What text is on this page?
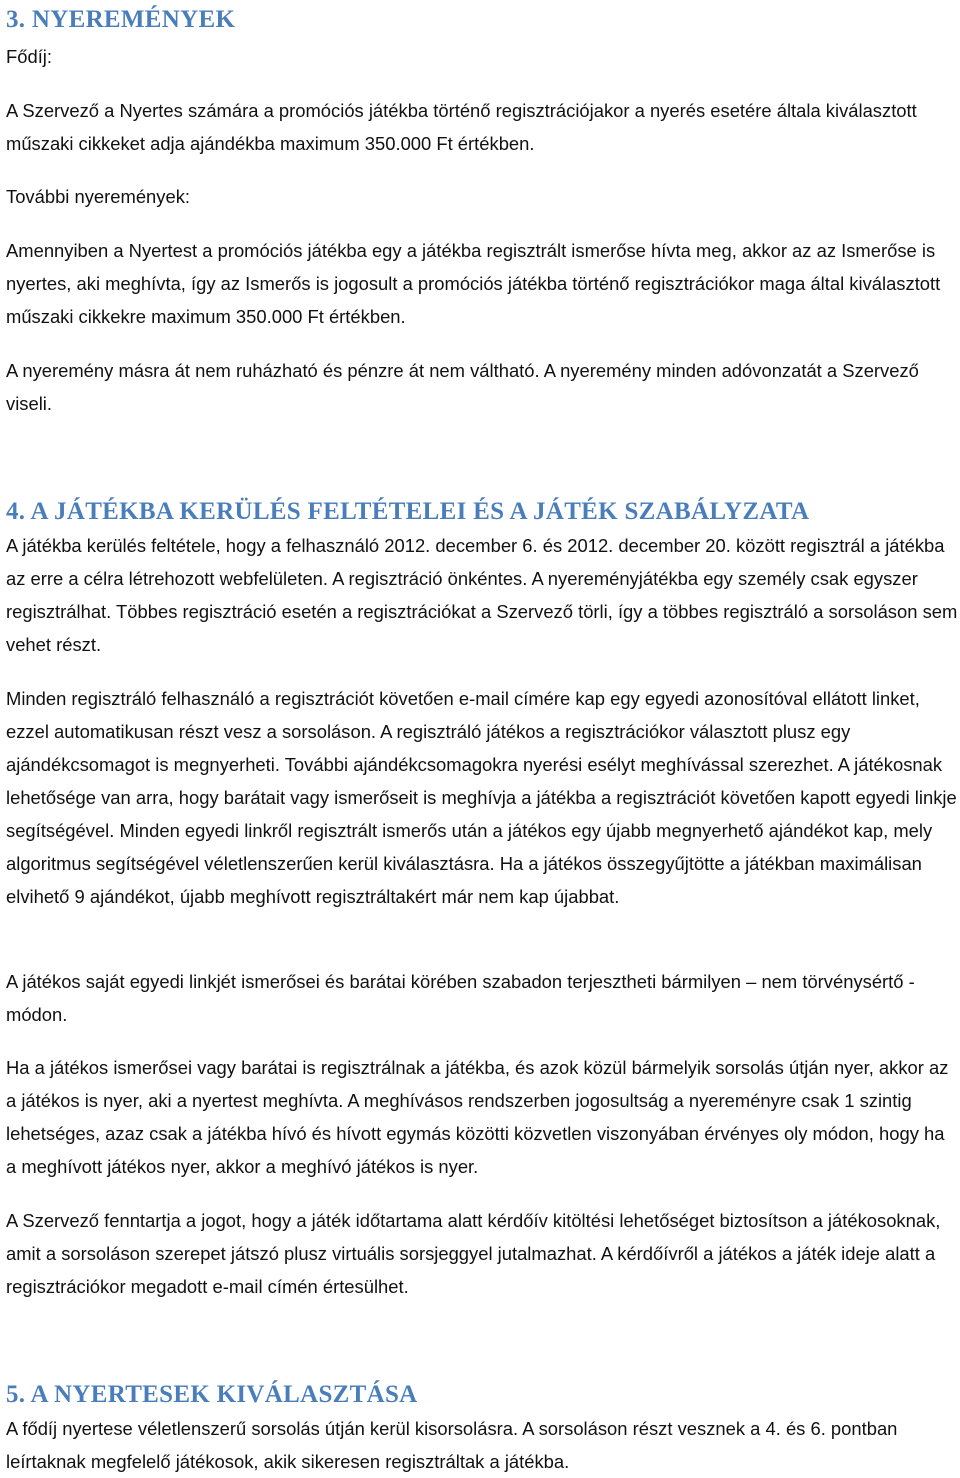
3. NYEREMÉNYEK

Fődíj:

A Szervező a Nyertes számára a promóciós játékba történő regisztrációjakor a nyerés esetére általa kiválasztott műszaki cikkeket adja ajándékba maximum 350.000 Ft értékben.

További nyeremények:

Amennyiben a Nyertest a promóciós játékba egy a játékba regisztrált ismerőse hívta meg, akkor az az Ismerőse is nyertes, aki meghívta, így az Ismerős is jogosult a promóciós játékba történő regisztrációkor maga által kiválasztott műszaki cikkekre maximum 350.000 Ft értékben.

A nyeremény másra át nem ruházható és pénzre át nem váltható. A nyeremény minden adóvonzatát a Szervező viseli.

4. A JÁTÉKBA KERÜLÉS FELTÉTELEI ÉS A JÁTÉK SZABÁLYZATA

A játékba kerülés feltétele, hogy a felhasználó 2012. december 6. és 2012. december 20. között regisztrál a játékba az erre a célra létrehozott webfelületen. A regisztráció önkéntes. A nyereményjátékba egy személy csak egyszer regisztrálhat. Többes regisztráció esetén a regisztrációkat a Szervező törli, így a többes regisztráló a sorsoláson sem vehet részt.

Minden regisztráló felhasználó a regisztrációt követően e-mail címére kap egy egyedi azonosítóval ellátott linket, ezzel automatikusan részt vesz a sorsoláson. A regisztráló játékos a regisztrációkor választott plusz egy ajándékcsomagot is megnyerheti. További ajándékcsomagokra nyerési esélyt meghívással szerezhet. A játékosnak lehetősége van arra, hogy barátait vagy ismerőseit is meghívja a játékba a regisztrációt követően kapott egyedi linkje segítségével. Minden egyedi linkről regisztrált ismerős után a játékos egy újabb megnyerhető ajándékot kap, mely algoritmus segítségével véletlenszerűen kerül kiválasztásra. Ha a játékos összegyűjtötte a játékban maximálisan elvihető 9 ajándékot, újabb meghívott regisztráltakért már nem kap újabbat.

A játékos saját egyedi linkjét ismerősei és barátai körében szabadon terjesztheti bármilyen – nem törvénysértő - módon.

Ha a játékos ismerősei vagy barátai is regisztrálnak a játékba, és azok közül bármelyik sorsolás útján nyer, akkor az a játékos is nyer, aki a nyertest meghívta. A meghívásos rendszerben jogosultság a nyereményre csak 1 szintig lehetséges, azaz csak a játékba hívó és hívott egymás közötti közvetlen viszonyában érvényes oly módon, hogy ha a meghívott játékos nyer, akkor a meghívó játékos is nyer.

A Szervező fenntartja a jogot, hogy a játék időtartama alatt kérdőív kitöltési lehetőséget biztosítson a játékosoknak, amit a sorsoláson szerepet játszó plusz virtuális sorsjeggyel jutalmazhat. A kérdőívről a játékos a játék ideje alatt a regisztrációkor megadott e-mail címén értesülhet.

5. A NYERTESEK KIVÁLASZTÁSA

A fődíj nyertese véletlenszerű sorsolás útján kerül kisorsolásra. A sorsoláson részt vesznek a 4. és 6. pontban leírtaknak megfelelő játékosok, akik sikeresen regisztráltak a játékba.
